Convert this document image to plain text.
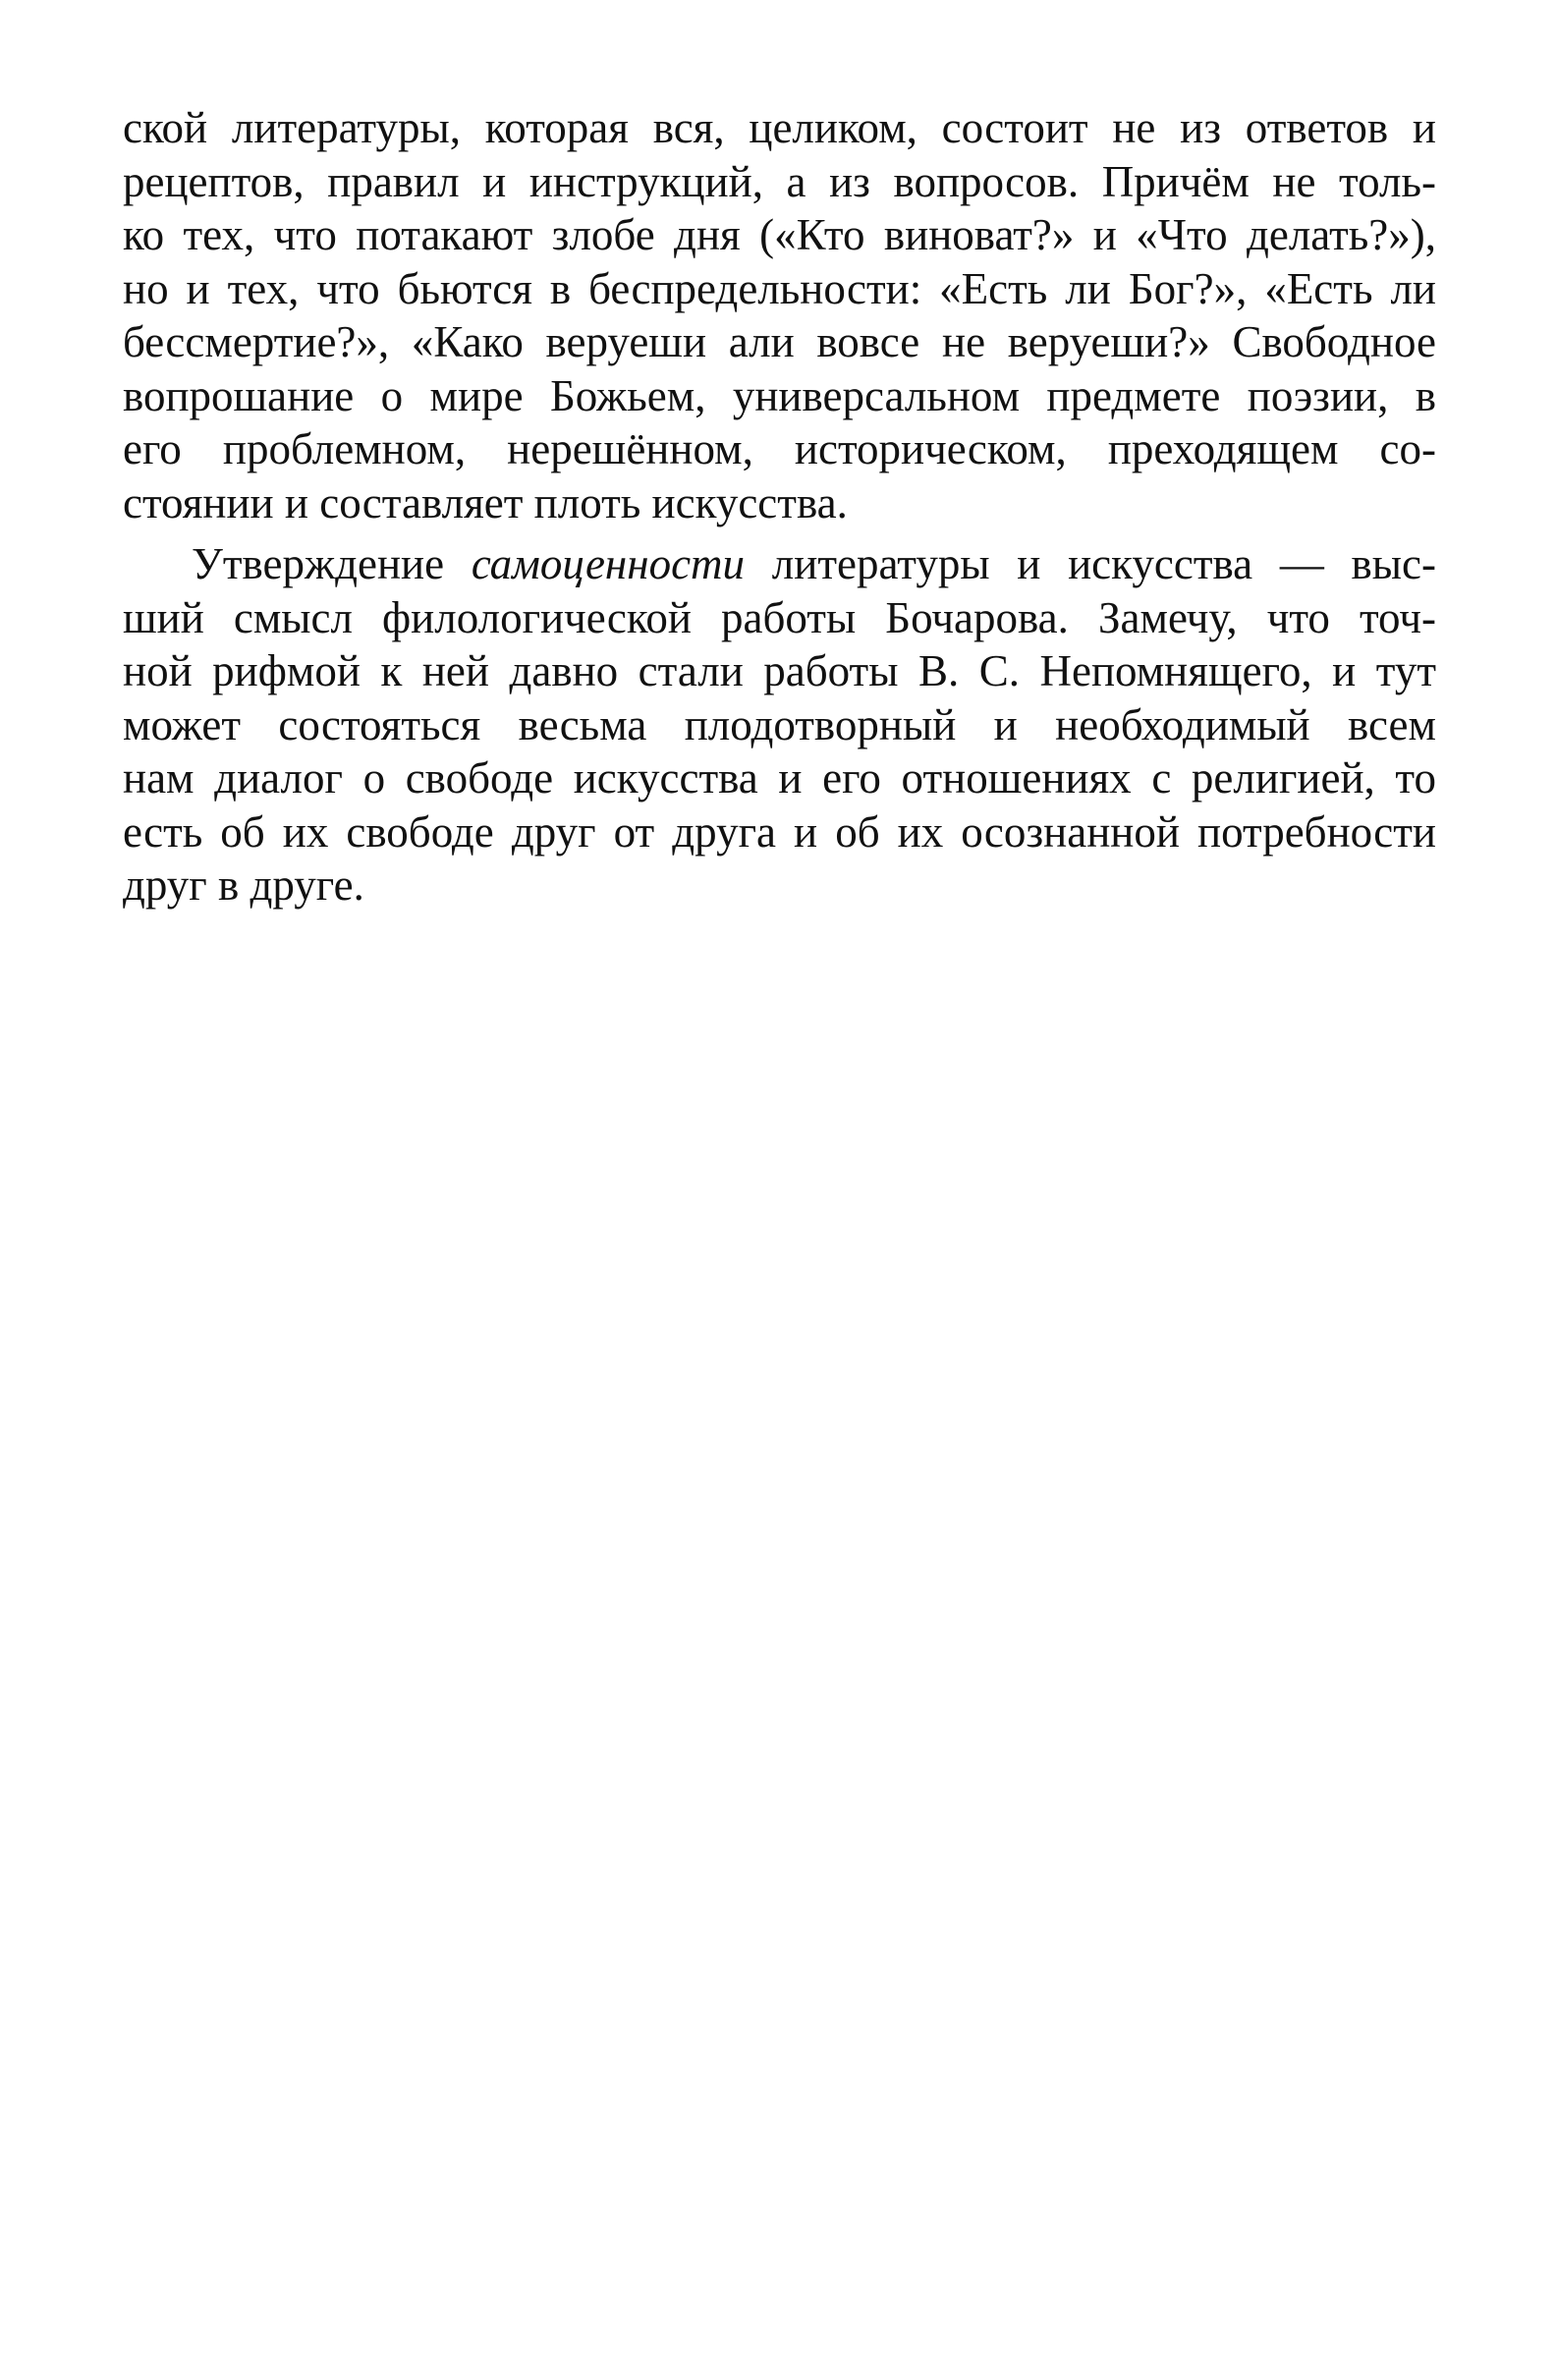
ской литературы, которая вся, целиком, состоит не из ответов и
рецептов, правил и инструкций, а из вопросов. Причём не толь-
ко тех, что потакают злобе дня («Кто виноват?» и «Что делать?»),
но и тех, что бьются в беспредельности: «Есть ли Бог?», «Есть ли
бессмертие?», «Како веруеши али вовсе не веруеши?» Свободное
вопрошание о мире Божьем, универсальном предмете поэзии, в
его проблемном, нерешённом, историческом, преходящем со-
стоянии и составляет плоть искусства.
Утверждение самоценности литературы и искусства — выс-
ший смысл филологической работы Бочарова. Замечу, что точ-
ной рифмой к ней давно стали работы В. С. Непомнящего, и тут
может состояться весьма плодотворный и необходимый всем
нам диалог о свободе искусства и его отношениях с религией, то
есть об их свободе друг от друга и об их осознанной потребности
друг в друге.
